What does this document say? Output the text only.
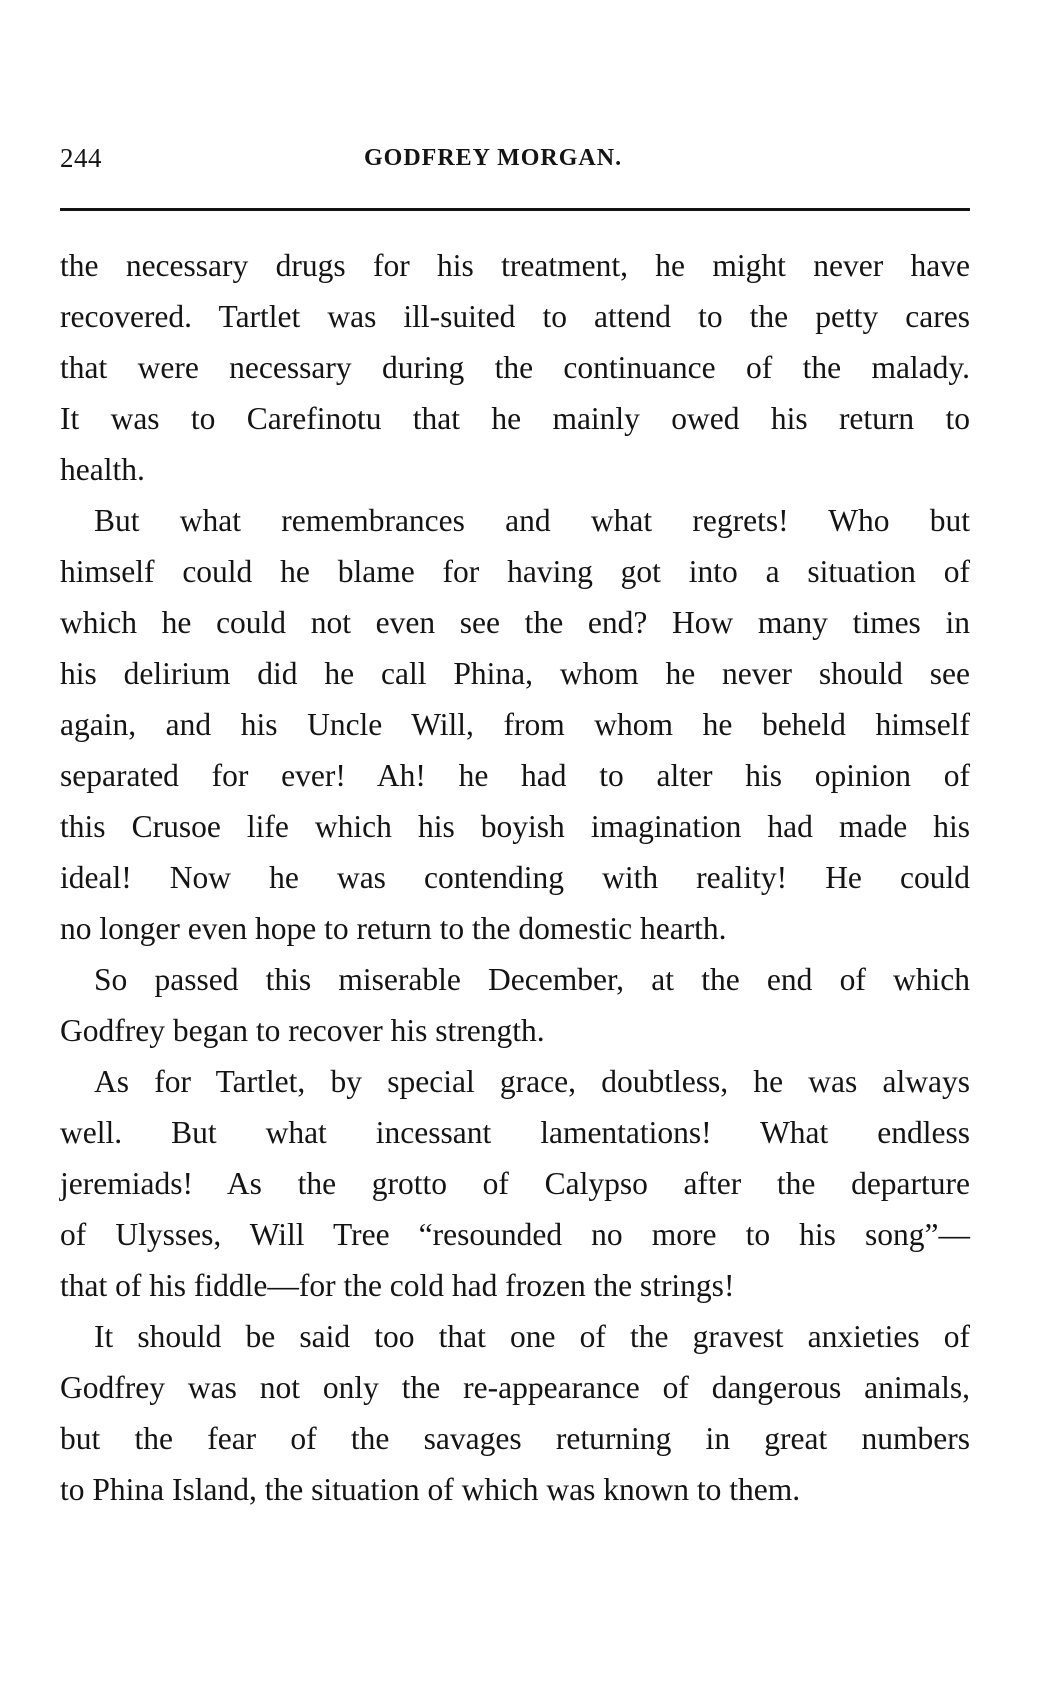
244	GODFREY MORGAN.

the necessary drugs for his treatment, he might never have
recovered. Tartlet was ill-suited to attend to the petty cares
that were necessary during the continuance of the malady.
It was to Carefinotu that he mainly owed his return to
health.

But what remembrances and what regrets! Who but
himself could he blame for having got into a situation of
which he could not even see the end? How many times in
his delirium did he call Phina, whom he never should see
again, and his Uncle Will, from whom he beheld himself
separated for ever! Ah! he had to alter his opinion of
this Crusoe life which his boyish imagination had made his
ideal! Now he was contending with reality! He could
no longer even hope to return to the domestic hearth.

So passed this miserable December, at the end of which
Godfrey began to recover his strength.

As for Tartlet, by special grace, doubtless, he was always
well. But what incessant lamentations! What endless
jeremiads! As the grotto of Calypso after the departure
of Ulysses, Will Tree “resounded no more to his song”—
that of his fiddle—for the cold had frozen the strings!

It should be said too that one of the gravest anxieties of
Godfrey was not only the re-appearance of dangerous animals,
but the fear of the savages returning in great numbers
to Phina Island, the situation of which was known to them.
